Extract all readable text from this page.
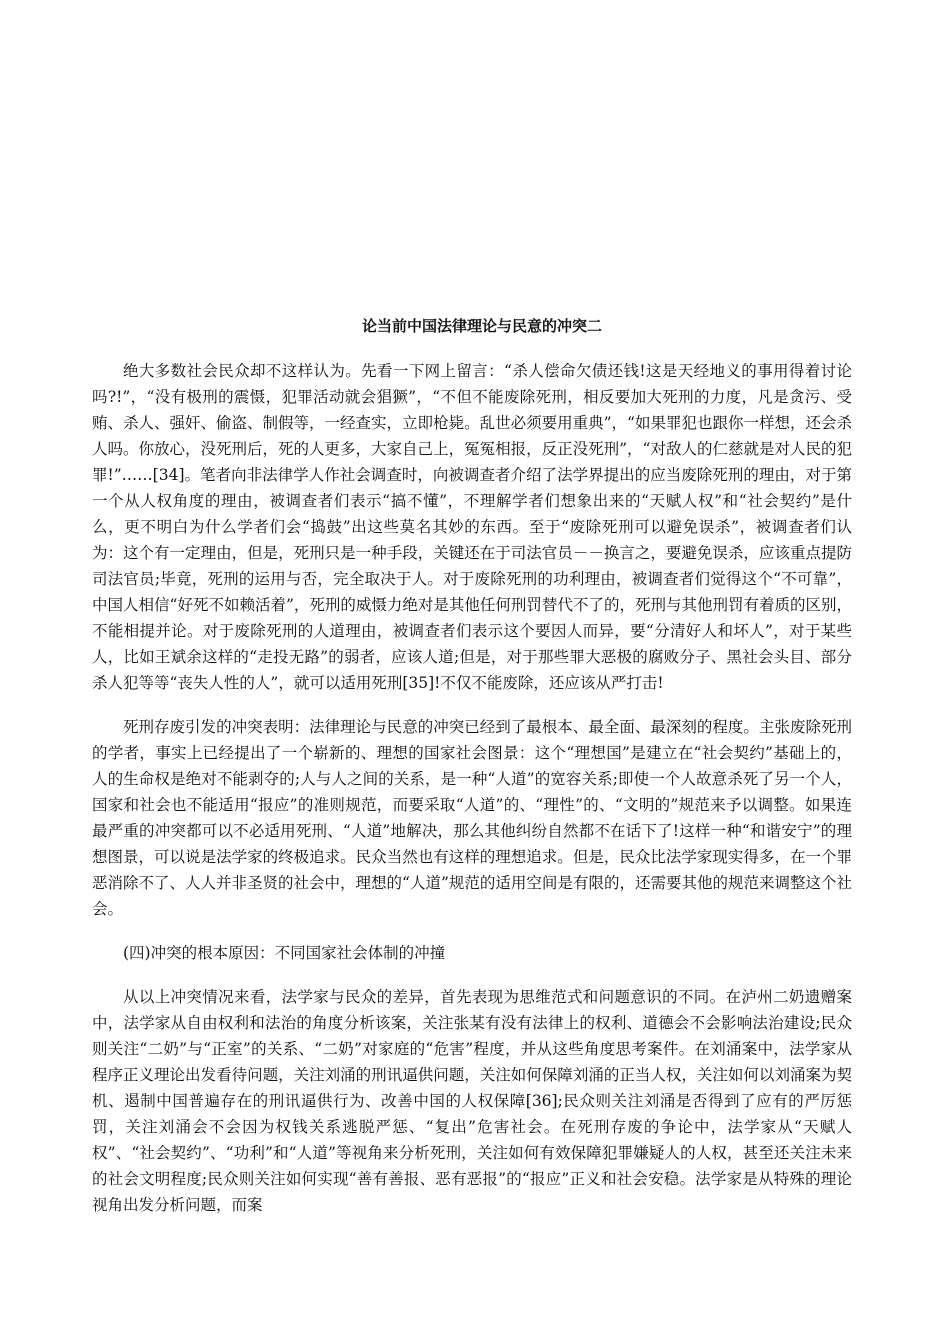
论当前中国法律理论与民意的冲突二

绝大多数社会民众却不这样认为。先看一下网上留言：“杀人偿命欠债还钱!这是天经地义的事用得着讨论吗?!”，“没有极刑的震慑，犯罪活动就会猖獗”，“不但不能废除死刑，相反要加大死刑的力度，凡是贪污、受贿、杀人、强奸、偷盗、制假等，一经查实，立即枪毙。乱世必须要用重典”，“如果罪犯也跟你一样想，还会杀人吗。你放心，没死刑后，死的人更多，大家自己上，冤冤相报，反正没死刑”，“对敌人的仁慈就是对人民的犯罪!”……[34]。笔者向非法律学人作社会调查时，向被调查者介绍了法学界提出的应当废除死刑的理由，对于第一个从人权角度的理由，被调查者们表示“搞不懂”，不理解学者们想象出来的“天赋人权”和“社会契约”是什么，更不明白为什么学者们会“捣鼓”出这些莫名其妙的东西。至于“废除死刑可以避免误杀”，被调查者们认为：这个有一定理由，但是，死刑只是一种手段，关键还在于司法官员－－换言之，要避免误杀，应该重点提防司法官员;毕竟，死刑的运用与否，完全取决于人。对于废除死刑的功利理由，被调查者们觉得这个“不可靠”，中国人相信“好死不如赖活着”，死刑的威慑力绝对是其他任何刑罚替代不了的，死刑与其他刑罚有着质的区别，不能相提并论。对于废除死刑的人道理由，被调查者们表示这个要因人而异，要“分清好人和坏人”，对于某些人，比如王斌余这样的“走投无路”的弱者，应该人道;但是，对于那些罪大恶极的腐败分子、黑社会头目、部分杀人犯等等“丧失人性的人”，就可以适用死刑[35]!不仅不能废除，还应该从严打击!

死刑存废引发的冲突表明：法律理论与民意的冲突已经到了最根本、最全面、最深刻的程度。主张废除死刑的学者，事实上已经提出了一个崭新的、理想的国家社会图景：这个“理想国”是建立在“社会契约”基础上的，人的生命权是绝对不能剥夺的;人与人之间的关系，是一种“人道”的宽容关系;即使一个人故意杀死了另一个人，国家和社会也不能适用“报应”的准则规范，而要采取“人道”的、“理性”的、“文明的”规范来予以调整。如果连最严重的冲突都可以不必适用死刑、“人道”地解决，那么其他纠纷自然都不在话下了!这样一种“和谐安宁”的理想图景，可以说是法学家的终极追求。民众当然也有这样的理想追求。但是，民众比法学家现实得多，在一个罪恶消除不了、人人并非圣贤的社会中，理想的“人道”规范的适用空间是有限的，还需要其他的规范来调整这个社会。

(四)冲突的根本原因：不同国家社会体制的冲撞

从以上冲突情况来看，法学家与民众的差异，首先表现为思维范式和问题意识的不同。在泸州二奶遗赠案中，法学家从自由权利和法治的角度分析该案，关注张某有没有法律上的权利、道德会不会影响法治建设;民众则关注“二奶”与“正室”的关系、“二奶”对家庭的“危害”程度，并从这些角度思考案件。在刘涌案中，法学家从程序正义理论出发看待问题，关注刘涌的刑讯逼供问题，关注如何保障刘涌的正当人权，关注如何以刘涌案为契机、遏制中国普遍存在的刑讯逼供行为、改善中国的人权保障[36];民众则关注刘涌是否得到了应有的严厉惩罚，关注刘涌会不会因为权钱关系逃脱严惩、“复出”危害社会。在死刑存废的争论中，法学家从“天赋人权”、“社会契约”、“功利”和“人道”等视角来分析死刑，关注如何有效保障犯罪嫌疑人的人权，甚至还关注未来的社会文明程度;民众则关注如何实现“善有善报、恶有恶报”的“报应”正义和社会安稳。法学家是从特殊的理论视角出发分析问题，而案
